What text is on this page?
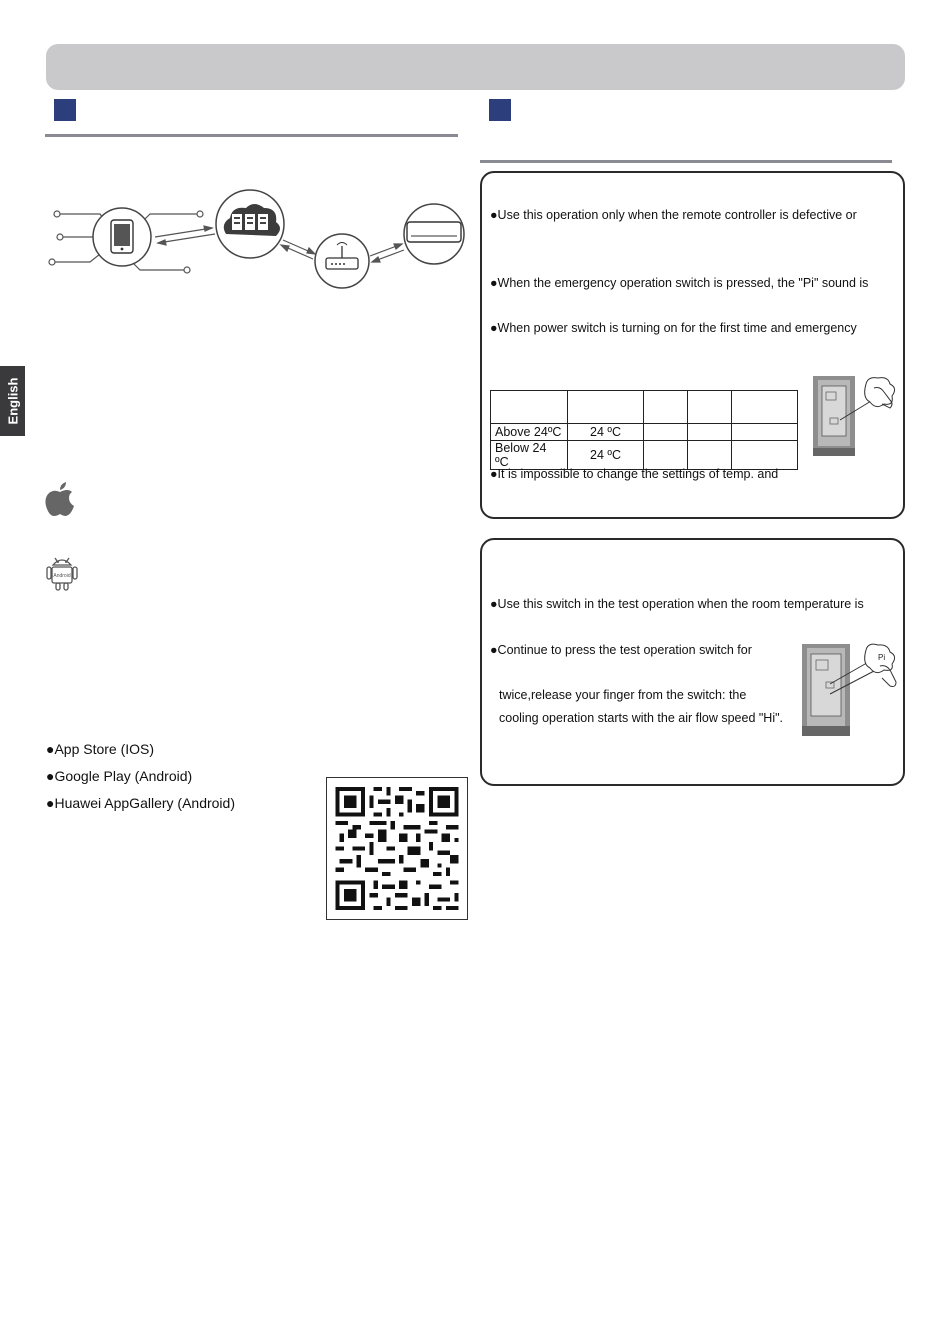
English
Android
●App Store (IOS)
●Google Play (Android)
●Huawei AppGallery (Android)
●Use this operation only when the remote controller is defective or
●When the emergency operation switch is pressed, the "Pi" sound is
●When power switch is turning on for the first time and emergency

Above 24ºC	24 ºC			
Below 24 ºC	24 ºC			
●It is impossible to change the settings of temp. and
●Use this switch in the test operation when the room temperature is
●Continue to press the test operation switch for
twice,release your finger from the switch: the
cooling operation starts with the air flow speed "Hi".
Pi
